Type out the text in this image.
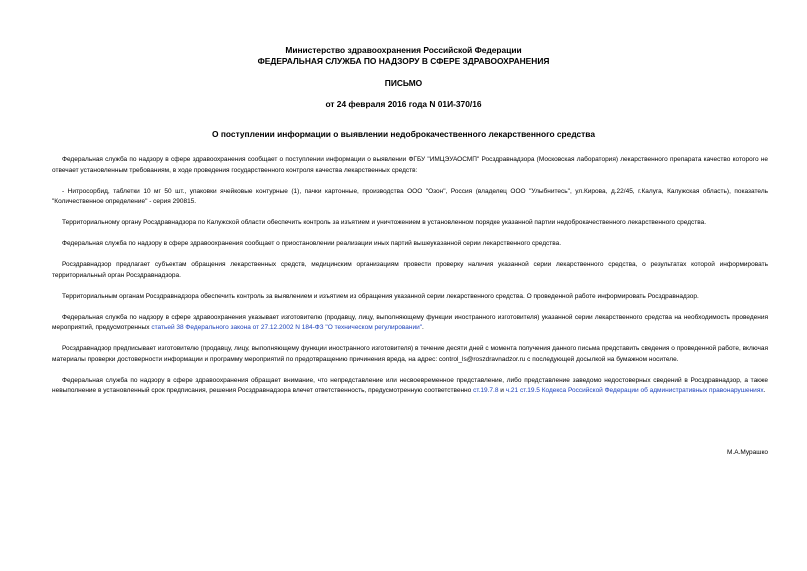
Министерство здравоохранения Российской Федерации
ФЕДЕРАЛЬНАЯ СЛУЖБА ПО НАДЗОРУ В СФЕРЕ ЗДРАВООХРАНЕНИЯ
ПИСЬМО
от 24 февраля 2016 года N 01И-370/16
О поступлении информации о выявлении недоброкачественного лекарственного средства

Федеральная служба по надзору в сфере здравоохранения сообщает о поступлении информации о выявлении ФГБУ "ИМЦЭУАОСМП" Росздравнадзора (Московская лаборатория) лекарственного препарата качество которого не отвечает установленным требованиям, в ходе проведения государственного контроля качества лекарственных средств:

- Нитросорбид, таблетки 10 мг 50 шт., упаковки ячейковые контурные (1), пачки картонные, производства ООО "Озон", Россия (владелец ООО "Улыбнитесь", ул.Кирова, д.22/45, г.Калуга, Калужская область), показатель "Количественное определение" - серия 290815.

Территориальному органу Росздравнадзора по Калужской области обеспечить контроль за изъятием и уничтожением в установленном порядке указанной партии недоброкачественного лекарственного средства.

Федеральная служба по надзору в сфере здравоохранения сообщает о приостановлении реализации иных партий вышеуказанной серии лекарственного средства.

Росздравнадзор предлагает субъектам обращения лекарственных средств, медицинским организациям провести проверку наличия указанной серии лекарственного средства, о результатах которой информировать территориальный орган Росздравнадзора.

Территориальным органам Росздравнадзора обеспечить контроль за выявлением и изъятием из обращения указанной серии лекарственного средства. О проведенной работе информировать Росздравнадзор.

Федеральная служба по надзору в сфере здравоохранения указывает изготовителю (продавцу, лицу, выполняющему функции иностранного изготовителя) указанной серии лекарственного средства на необходимость проведения мероприятий, предусмотренных статьей 38 Федерального закона от 27.12.2002 N 184-ФЗ "О техническом регулировании".

Росздравнадзор предписывает изготовителю (продавцу, лицу, выполняющему функции иностранного изготовителя) в течение десяти дней с момента получения данного письма представить сведения о проведенной работе, включая материалы проверки достоверности информации и программу мероприятий по предотвращению причинения вреда, на адрес: control_ls@roszdravnadzor.ru с последующей досылкой на бумажном носителе.

Федеральная служба по надзору в сфере здравоохранения обращает внимание, что непредставление или несвоевременное представление, либо представление заведомо недостоверных сведений в Росздравнадзор, а также невыполнение в установленный срок предписания, решения Росздравнадзора влечет ответственность, предусмотренную соответственно ст.19.7.8 и ч.21 ст.19.5 Кодекса Российской Федерации об административных правонарушениях.

М.А.Мурашко
